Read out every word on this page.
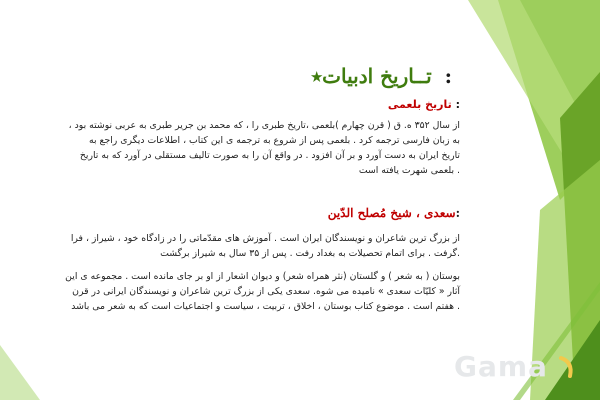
: تــاریخ ادبیات٭
: تاریخ بلعمی
از سال ۳۵۲ ه. ق ( قرن چهارم )بلعمی ،تاریخ طبری را ، که محمد بن جریر طبری به عربی نوشته بود ،
به زبان فارسی ترجمه کرد . بلعمی پس از شروع به ترجمه ی این کتاب ، اطلاعات دیگری راجع به
تاریخ ایران به دست آورد و بر آن افزود . در واقع آن را به صورت تالیف مستقلی در آورد که به تاریخ
. بلعمی شهرت یافته است
:سعدی ، شیخ مُصلح الدّین
از بزرگ ترین شاعران و نویسندگان ایران است . آموزش های مقدّماتی را در زادگاه خود ، شیراز ، فرا
.گرفت . برای اتمام تحصیلات به بغداد رفت . پس از ۳۵ سال به شیراز برگشت
بوستان ( به شعر ) و گلستان (نثر همراه شعر) و دیوان اشعار از او بر جای مانده است . مجموعه ی این
آثار « کلیّات سعدی » نامیده می شوه. سعدی یکی از بزرگ ترین شاعران و نویسندگان ایرانی در قرن
. هفتم است . موضوع کتاب بوستان ، اخلاق ، تربیت ، سیاست و اجتماعیات است که به شعر می باشد
Gama
